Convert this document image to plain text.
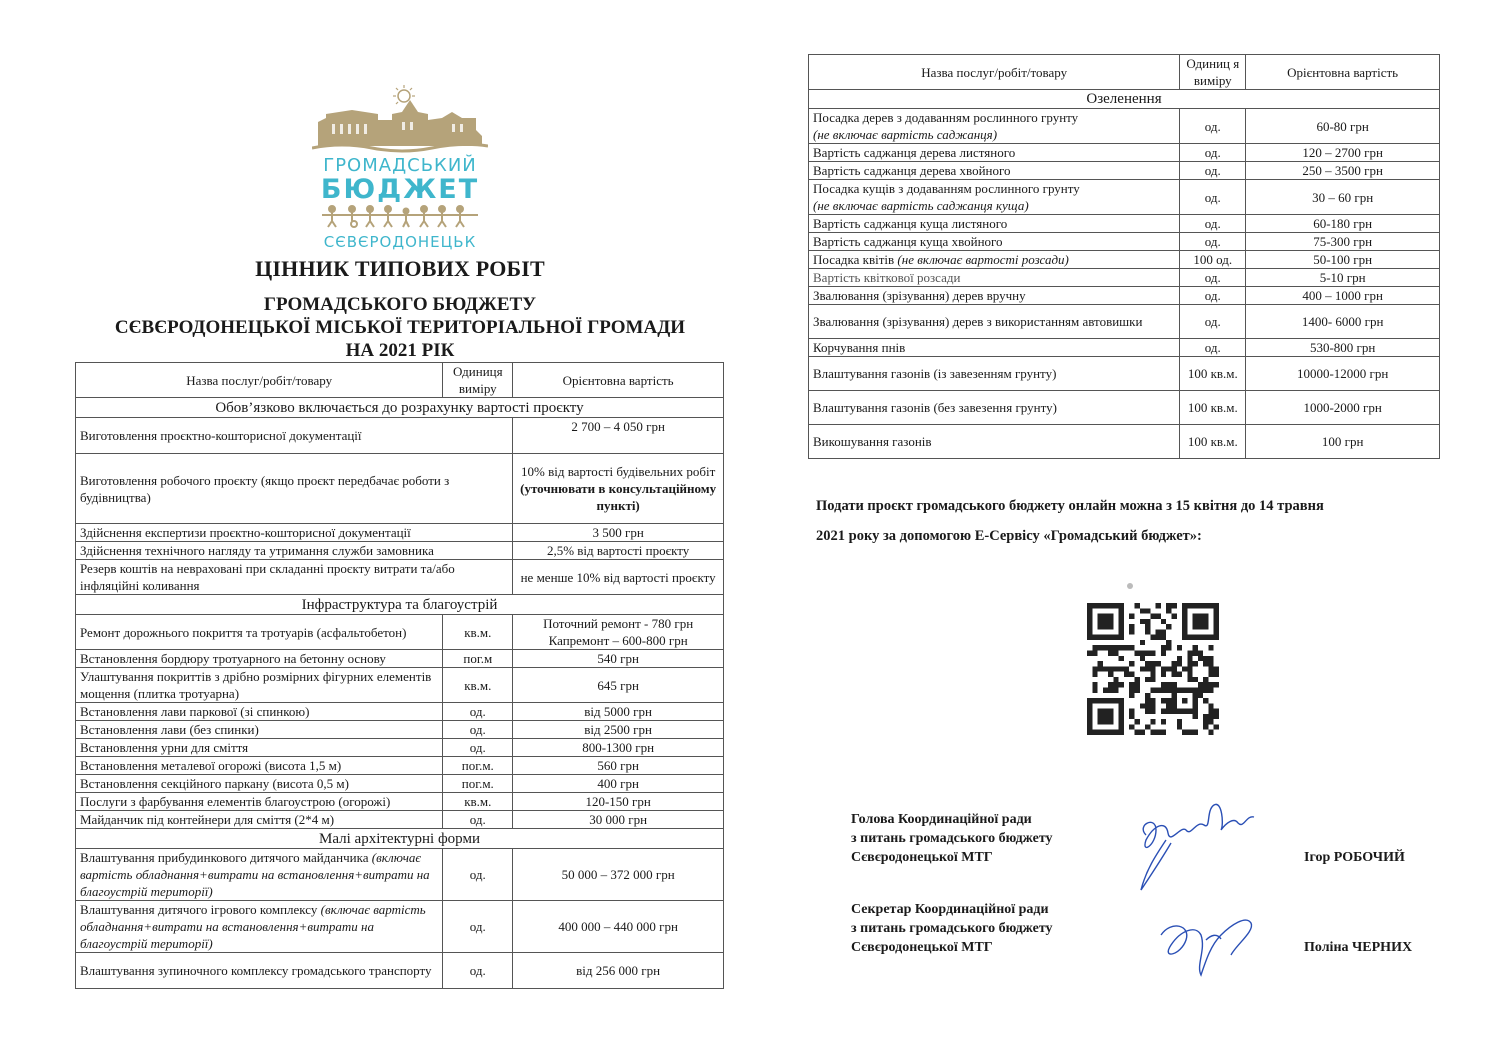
ГРОМАДСЬКИЙ
БЮДЖЕТ
СЄВЄРОДОНЕЦЬК
ЦІННИК ТИПОВИХ РОБІТ
ГРОМАДСЬКОГО БЮДЖЕТУ
СЄВЄРОДОНЕЦЬКОЇ МІСЬКОЇ ТЕРИТОРІАЛЬНОЇ ГРОМАДИ
НА 2021 РІК
Назва послуг/робіт/товару	Одиниця виміру	Орієнтовна вартість
Обов’язково включається до розрахунку вартості проєкту		
Виготовлення проєктно-кошторисної документації		2 700 – 4 050 грн
Виготовлення робочого проєкту (якщо проєкт передбачає роботи з будівництва)		10% від вартості будівельних робіт
(уточнювати в консультаційному пункті)

Здійснення експертизи проєктно-кошторисної документації		3 500 грн
Здійснення технічного нагляду та утримання служби замовника		2,5% від вартості проєкту
Резерв коштів на невраховані при складанні проєкту витрати та/або інфляційні коливання		не менше 10% від вартості проєкту
Інфраструктура та благоустрій		
Ремонт дорожнього покриття та тротуарів (асфальтобетон)	кв.м.	Поточний ремонт - 780 грн
Капремонт – 600-800 грн

Встановлення бордюру тротуарного на бетонну основу	пог.м	540 грн
Улаштування покриттів з дрібно розмірних фігурних елементів мощення (плитка тротуарна)	кв.м.	645 грн
Встановлення лави паркової (зі спинкою)	од.	від 5000 грн
Встановлення лави (без спинки)	од.	від 2500 грн
Встановлення урни для сміття	од.	800-1300 грн
Встановлення металевої огорожі (висота 1,5 м)	пог.м.	560 грн
Встановлення секційного паркану (висота 0,5 м)	пог.м.	400 грн
Послуги з фарбування елементів благоустрою (огорожі)	кв.м.	120-150 грн
Майданчик під контейнери для сміття (2*4 м)	од.	30 000 грн
Малі архітектурні форми		
Влаштування прибудинкового дитячого майданчика (включає вартість обладнання+витрати на встановлення+витрати на благоустрій території)	од.	50 000 – 372 000 грн
Влаштування дитячого ігрового комплексу (включає вартість обладнання+витрати на встановлення+витрати на благоустрій території)	од.	400 000 – 440 000 грн
Влаштування зупиночного комплексу громадського транспорту	од.	від 256 000 грн
Назва послуг/робіт/товару	Одиниц я виміру	Орієнтовна вартість
Озеленення		
Посадка дерев з додаванням рослинного грунту
(не включає вартість саджанця)	од.	60-80 грн
Вартість саджанця дерева листяного	од.	120 – 2700 грн
Вартість саджанця дерева хвойного	од.	250 – 3500 грн
Посадка кущів з додаванням рослинного грунту
(не включає вартість саджанця куща)	од.	30 – 60 грн
Вартість саджанця куща листяного	од.	60-180 грн
Вартість саджанця куща хвойного	од.	75-300 грн
Посадка квітів (не включає вартості розсади)	100 од.	50-100 грн
Вартість квіткової розсади	од.	5-10 грн
Звалювання (зрізування) дерев вручну	од.	400 – 1000 грн
Звалювання (зрізування) дерев з використанням автовишки	од.	1400- 6000 грн
Корчування пнів	од.	530-800 грн
Влаштування газонів (із завезенням грунту)	100 кв.м.	10000-12000 грн
Влаштування газонів (без завезення грунту)	100 кв.м.	1000-2000 грн
Викошування газонів	100 кв.м.	100 грн
Подати проєкт громадського бюджету онлайн можна з 15 квітня до 14 травня
2021 року за допомогою Е-Сервісу «Громадський бюджет»:
Голова Координаційної ради
з питань громадського бюджету
Сєвєродонецької МТГ	Ігор РОБОЧИЙ
Секретар Координаційної ради
з питань громадського бюджету
Сєвєродонецької МТГ	Поліна ЧЕРНИХ
